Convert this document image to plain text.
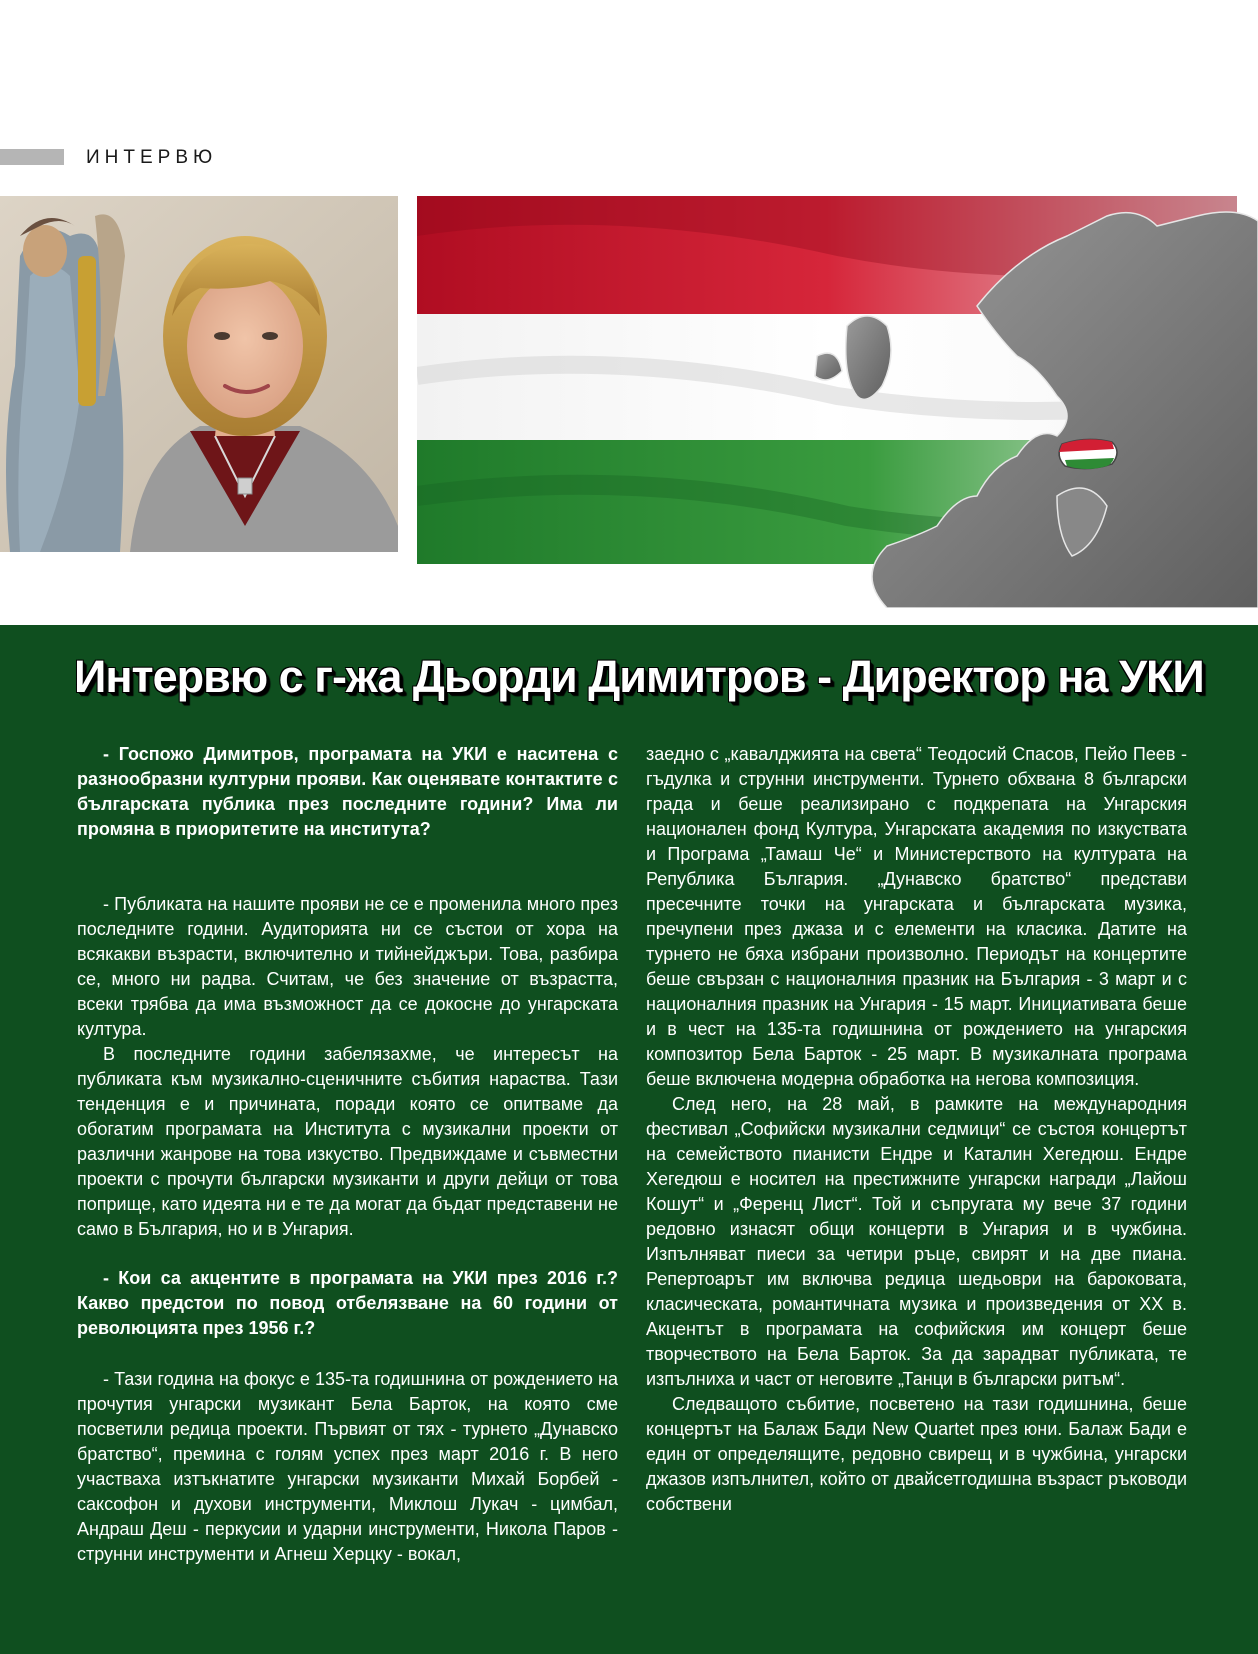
ИНТЕРВЮ
Интервю с г-жа Дьорди Димитров - Директор на УКИ

- Госпожо Димитров, програмата на УКИ е наситена с разнообразни културни прояви. Как оценявате контактите с българската публика през последните години? Има ли промяна в приоритетите на института?

- Публиката на нашите прояви не се е променила много през последните години. Аудиторията ни се състои от хора на всякакви възрасти, включително и тийнейджъри. Това, разбира се, много ни радва. Считам, че без значение от възрастта, всеки трябва да има възможност да се докосне до унгарската култура.

В последните години забелязахме, че интересът на публиката към музикално-сценичните събития нараства. Тази тенденция е и причината, поради която се опитваме да обогатим програмата на Института с музикални проекти от различни жанрове на това изкуство. Предвиждаме и съвместни проекти с прочути български музиканти и други дейци от това поприще, като идеята ни е те да могат да бъдат представени не само в България, но и в Унгария.

- Кои са акцентите в програмата на УКИ през 2016 г.? Какво предстои по повод отбелязване на 60 години от революцията през 1956 г.?

- Тази година на фокус е 135-та годишнина от рождението на прочутия унгарски музикант Бела Барток, на която сме посветили редица проекти. Първият от тях - турнето „Дунавско братство“, премина с голям успех през март 2016 г. В него участваха изтъкнатите унгарски музиканти Михай Борбей - саксофон и духови инструменти, Миклош Лукач - цимбал, Андраш Деш - перкусии и ударни инструменти, Никола Паров - струнни инструменти и Агнеш Херцку - вокал,

заедно с „кавалджията на света“ Теодосий Спасов, Пейо Пеев - гъдулка и струнни инструменти. Турнето обхвана 8 български града и беше реализирано с подкрепата на Унгарския национален фонд Култура, Унгарската академия по изкуствата и Програма „Тамаш Че“ и Министерството на културата на Република България. „Дунавско братство“ представи пресечните точки на унгарската и българската музика, пречупени през джаза и с елементи на класика. Датите на турнето не бяха избрани произволно. Периодът на концертите беше свързан с националния празник на България - 3 март и с националния празник на Унгария - 15 март. Инициативата беше и в чест на 135-та годишнина от рождението на унгарския композитор Бела Барток - 25 март. В музикалната програма беше включена модерна обработка на негова композиция.

След него, на 28 май, в рамките на международния фестивал „Софийски музикални седмици“ се състоя концертът на семейството пианисти Ендре и Каталин Хегедюш. Ендре Хегедюш е носител на престижните унгарски награди „Лайош Кошут“ и „Ференц Лист“. Той и съпругата му вече 37 години редовно изнасят общи концерти в Унгария и в чужбина. Изпълняват пиеси за четири ръце, свирят и на две пиана. Репертоарът им включва редица шедьоври на бароковата, класическата, романтичната музика и произведения от XX в. Акцентът в програмата на софийския им концерт беше творчеството на Бела Барток. За да зарадват публиката, те изпълниха и част от неговите „Танци в български ритъм“.

Следващото събитие, посветено на тази годишнина, беше концертът на Балаж Бади New Quartet през юни. Балаж Бади е един от определящите, редовно свирещ и в чужбина, унгарски джазов изпълнител, който от двайсетгодишна възраст ръководи собствени
